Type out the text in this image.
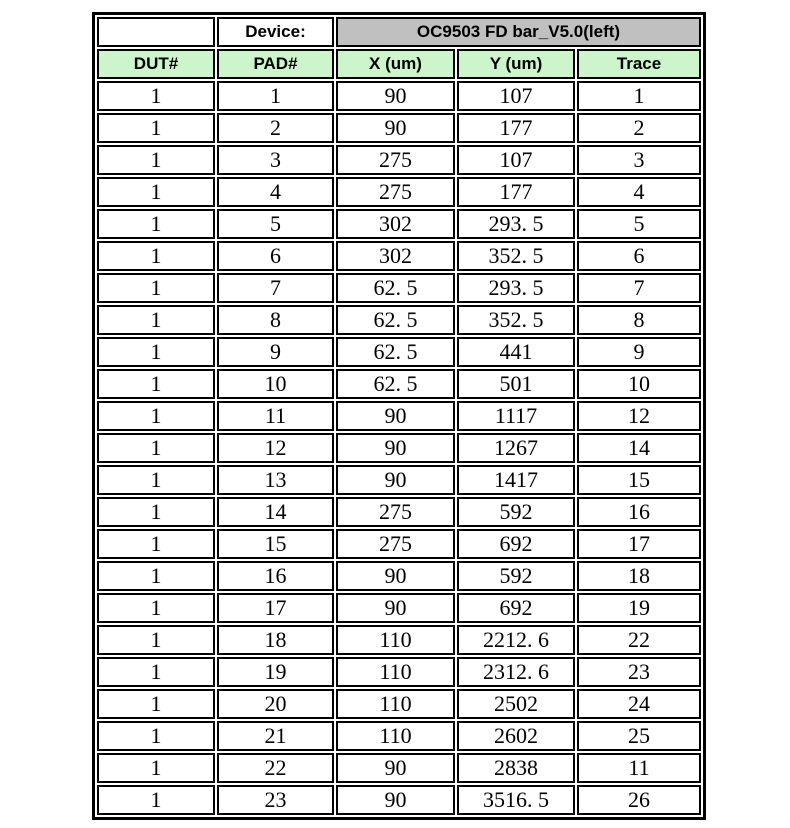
	Device:	OC9503 FD bar_V5.0(left)		
DUT#	PAD#	X (um)	Y (um)	Trace
1	1	90	107	1
1	2	90	177	2
1	3	275	107	3
1	4	275	177	4
1	5	302	293. 5	5
1	6	302	352. 5	6
1	7	62. 5	293. 5	7
1	8	62. 5	352. 5	8
1	9	62. 5	441	9
1	10	62. 5	501	10
1	11	90	1117	12
1	12	90	1267	14
1	13	90	1417	15
1	14	275	592	16
1	15	275	692	17
1	16	90	592	18
1	17	90	692	19
1	18	110	2212. 6	22
1	19	110	2312. 6	23
1	20	110	2502	24
1	21	110	2602	25
1	22	90	2838	11
1	23	90	3516. 5	26
